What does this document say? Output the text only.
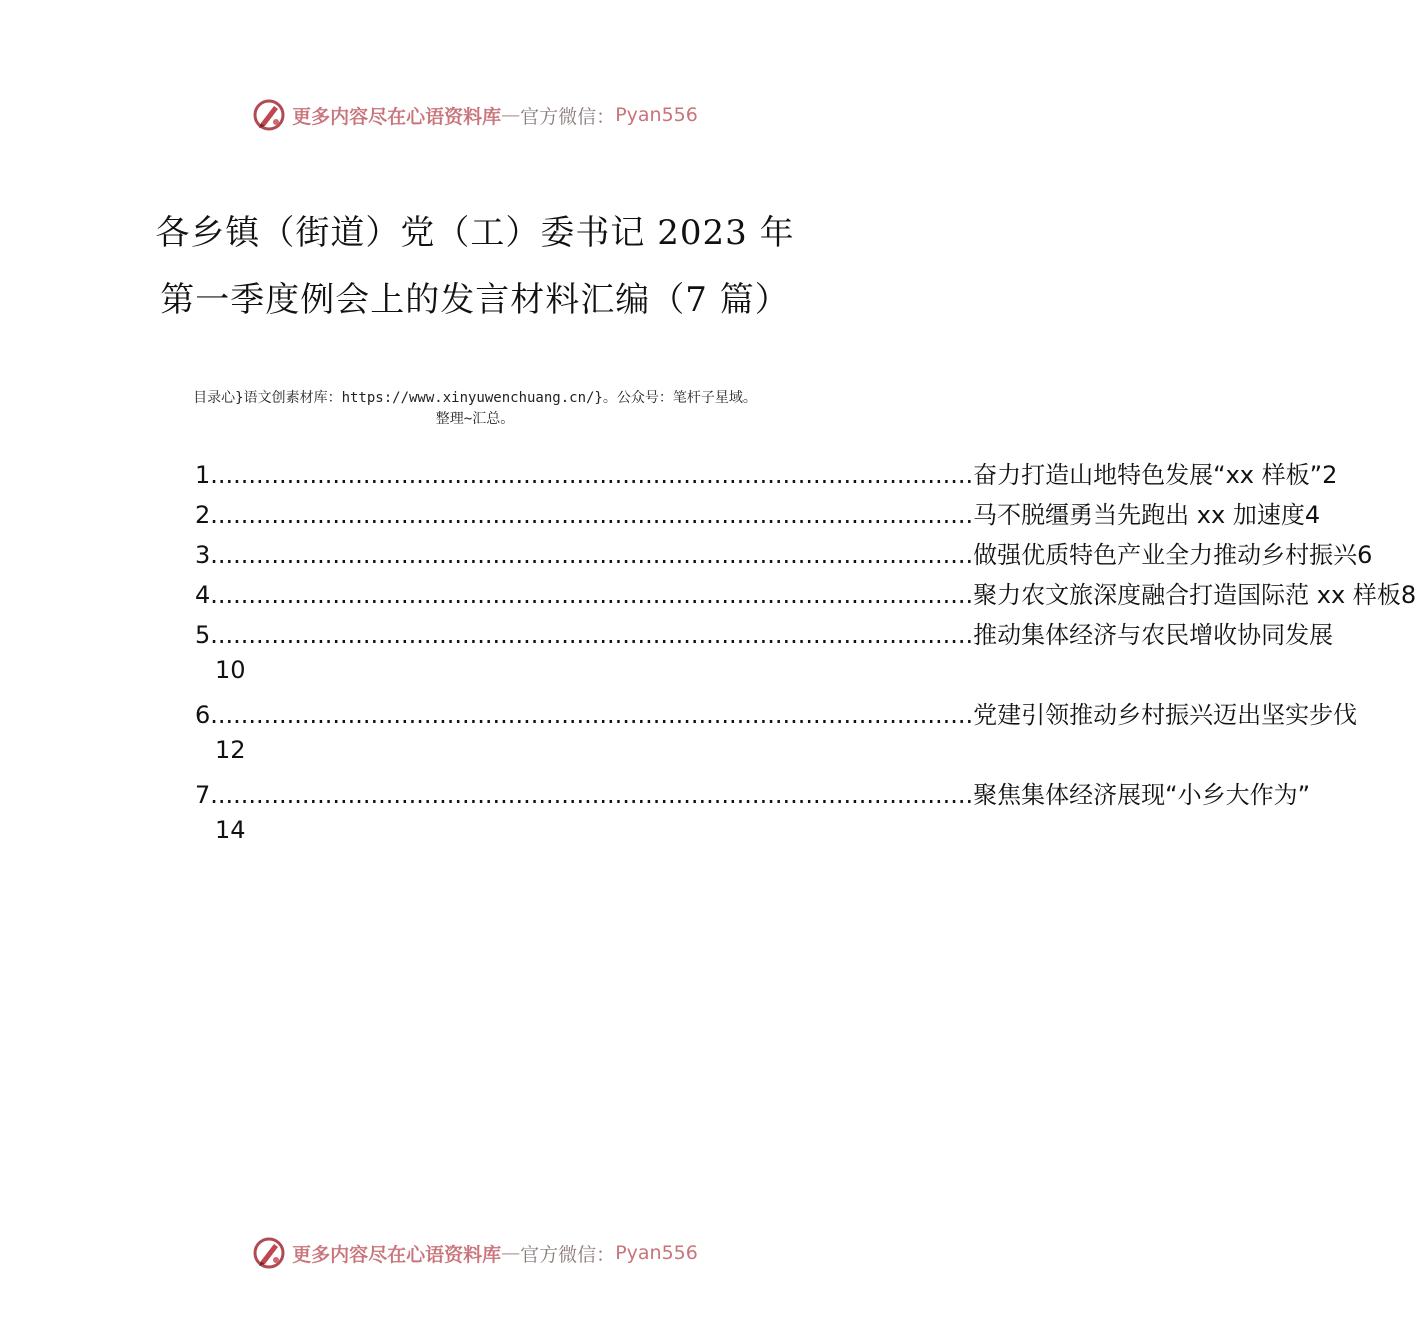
更多内容尽在心语资料库 — 官方微信： Pyan556
各乡镇（街道）党（工）委书记 2023 年
第一季度例会上的发言材料汇编（7 篇）
目录心}语文创素材库：https://www.xinyuwenchuang.cn/}。公众号：笔杆子星域。
整理~汇总。
1 .................................................................................................... 奋力打造山地特色发展“xx 样板” 2
2 .................................................................................................... 马不脱缰勇当先跑出 xx 加速度 4
3 .................................................................................................... 做强优质特色产业全力推动乡村振兴 6
4 .................................................................................................... 聚力农文旅深度融合打造国际范 xx 样板 8
5 .................................................................................................... 推动集体经济与农民增收协同发展
10
6 .................................................................................................... 党建引领推动乡村振兴迈出坚实步伐
12
7 .................................................................................................... 聚焦集体经济展现“小乡大作为”
14
更多内容尽在心语资料库 — 官方微信： Pyan556
